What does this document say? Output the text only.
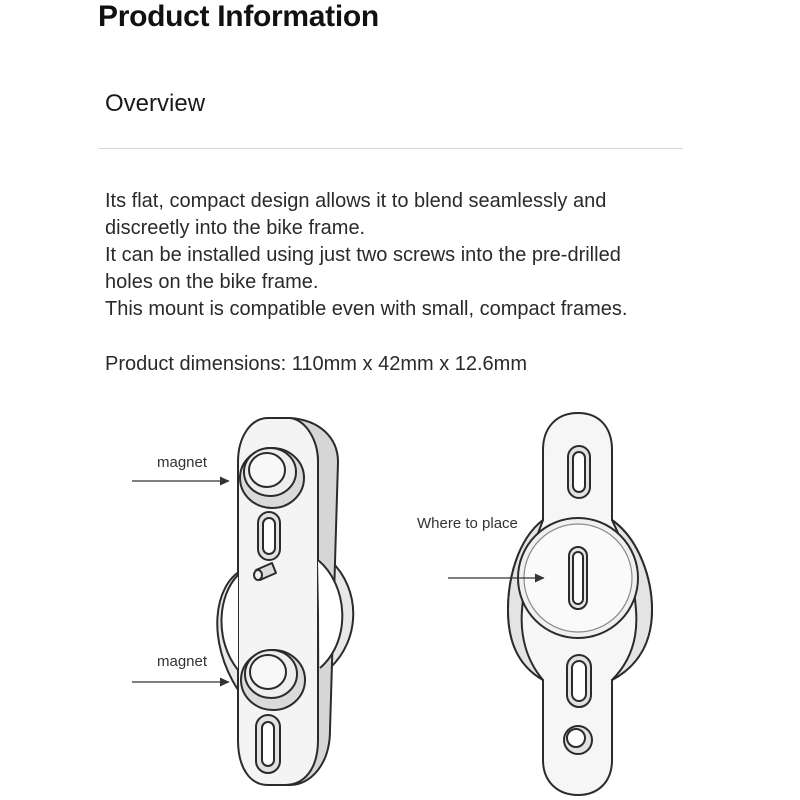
Product Information
Overview

Its flat, compact design allows it to blend seamlessly and

discreetly into the bike frame.

It can be installed using just two screws into the pre-drilled

holes on the bike frame.

This mount is compatible even with small, compact frames.

Product dimensions: 110mm x 42mm x 12.6mm
magnet
magnet
Where to place
